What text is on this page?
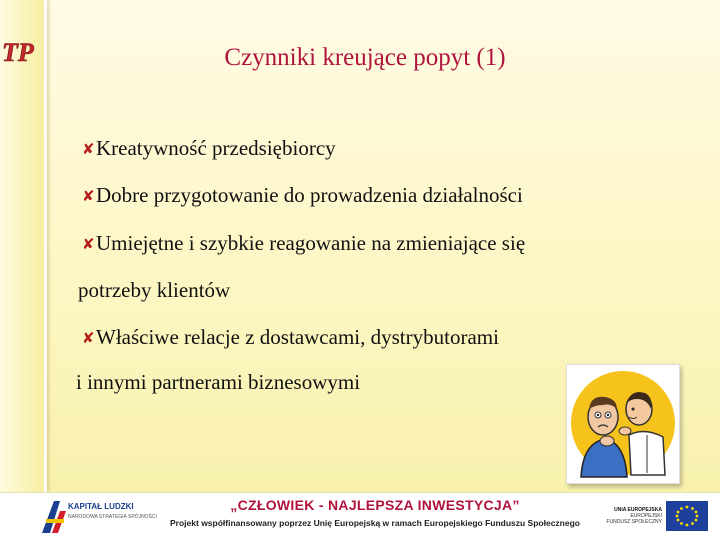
TP	Czynniki kreujące popyt (1)
✘Kreatywność przedsiębiorcy
✘Dobre przygotowanie do prowadzenia działalności
✘Umiejętne i szybkie reagowanie na zmieniające się
potrzeby klientów
✘Właściwe relacje z dostawcami, dystrybutorami
i innymi partnerami biznesowymi
KAPITAŁ LUDZKI
NARODOWA STRATEGIA SPÓJNOŚCI
„CZŁOWIEK - NAJLEPSZA INWESTYCJA”
Projekt współfinansowany poprzez Unię Europejską w ramach Europejskiego Funduszu Społecznego
UNIA EUROPEJSKA
EUROPEJSKI
FUNDUSZ SPOŁECZNY
